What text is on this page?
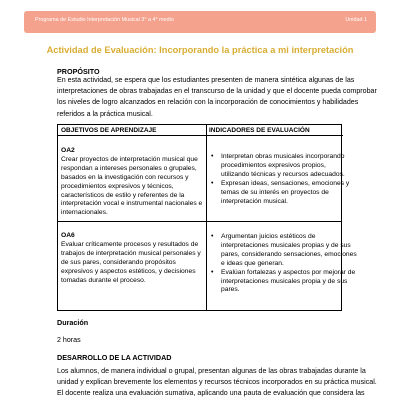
Programa de Estudio Interpretación Musical 3° a 4° medio	Unidad 1
Actividad de Evaluación: Incorporando la práctica a mi interpretación
PROPÓSITO
En esta actividad, se espera que los estudiantes presenten de manera sintética algunas de las
interpretaciones de obras trabajadas en el transcurso de la unidad y que el docente pueda comprobar
los niveles de logro alcanzados en relación con la incorporación de conocimientos y habilidades
referidos a la práctica musical.
OBJETIVOS DE APRENDIZAJE	INDICADORES DE EVALUACIÓN
OA2
Crear proyectos de interpretación musical que
respondan a intereses personales o grupales,
basados en la investigación con recursos y
procedimientos expresivos y técnicos,
característicos de estilo y referentes de la
interpretación vocal e instrumental nacionales e
internacionales.
• Interpretan obras musicales incorporando
procedimientos expresivos propios,
utilizando técnicas y recursos adecuados.
• Expresan ideas, sensaciones, emociones y
temas de su interés en proyectos de
interpretación musical.
OA6
Evaluar críticamente procesos y resultados de
trabajos de interpretación musical personales y
de sus pares, considerando propósitos
expresivos y aspectos estéticos, y decisiones
tomadas durante el proceso.
• Argumentan juicios estéticos de
interpretaciones musicales propias y de sus
pares, considerando sensaciones, emociones
e ideas que generan.
• Evalúan fortalezas y aspectos por mejorar de
interpretaciones musicales propia y de sus
pares.
Duración
2 horas
DESARROLLO DE LA ACTIVIDAD
Los alumnos, de manera individual o grupal, presentan algunas de las obras trabajadas durante la
unidad y explican brevemente los elementos y recursos técnicos incorporados en su práctica musical.
El docente realiza una evaluación sumativa, aplicando una pauta de evaluación que considera las
